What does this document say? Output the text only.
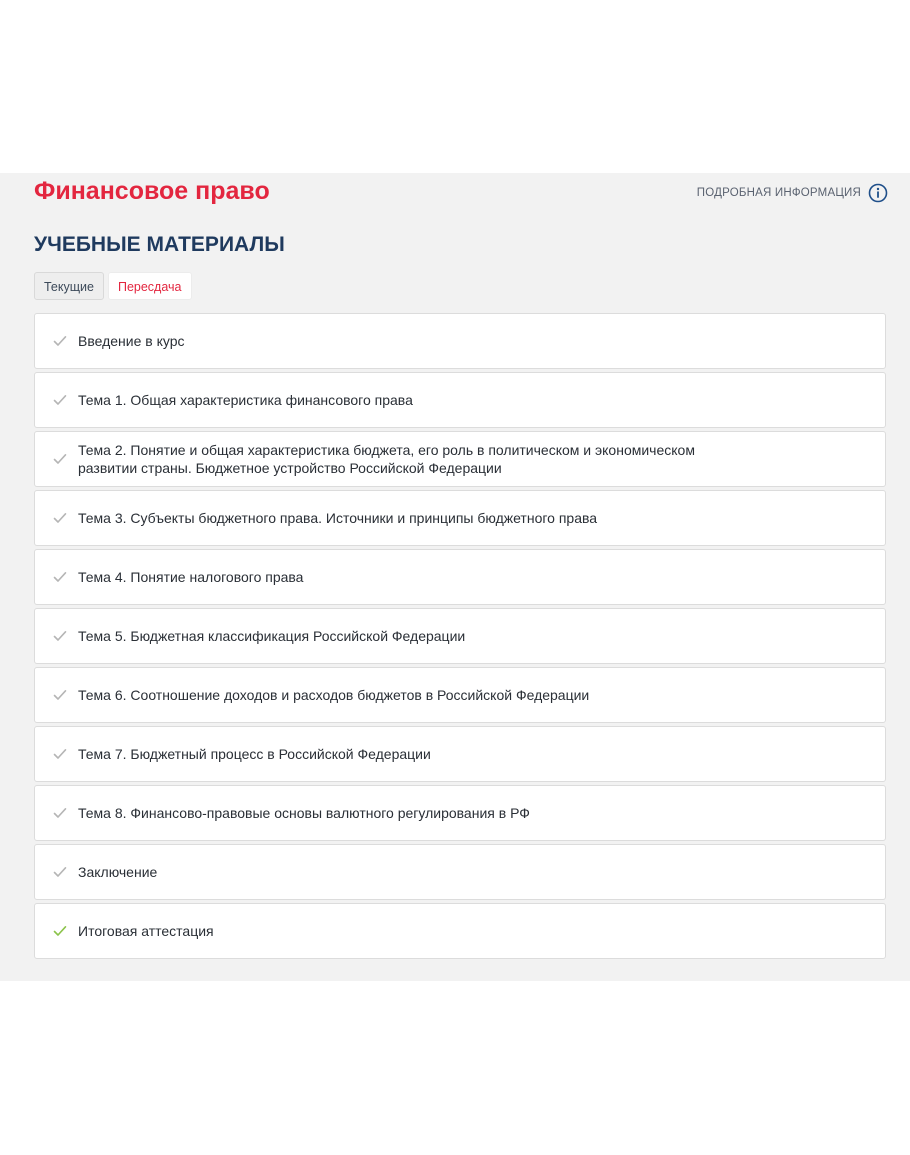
Финансовое право	ПОДРОБНАЯ ИНФОРМАЦИЯ
УЧЕБНЫЕ МАТЕРИАЛЫ
Текущие	Пересдача
Введение в курс
Тема 1. Общая характеристика финансового права
Тема 2. Понятие и общая характеристика бюджета, его роль в политическом и экономическом развитии страны. Бюджетное устройство Российской Федерации
Тема 3. Субъекты бюджетного права. Источники и принципы бюджетного права
Тема 4. Понятие налогового права
Тема 5. Бюджетная классификация Российской Федерации
Тема 6. Соотношение доходов и расходов бюджетов в Российской Федерации
Тема 7. Бюджетный процесс в Российской Федерации
Тема 8. Финансово-правовые основы валютного регулирования в РФ
Заключение
Итоговая аттестация
